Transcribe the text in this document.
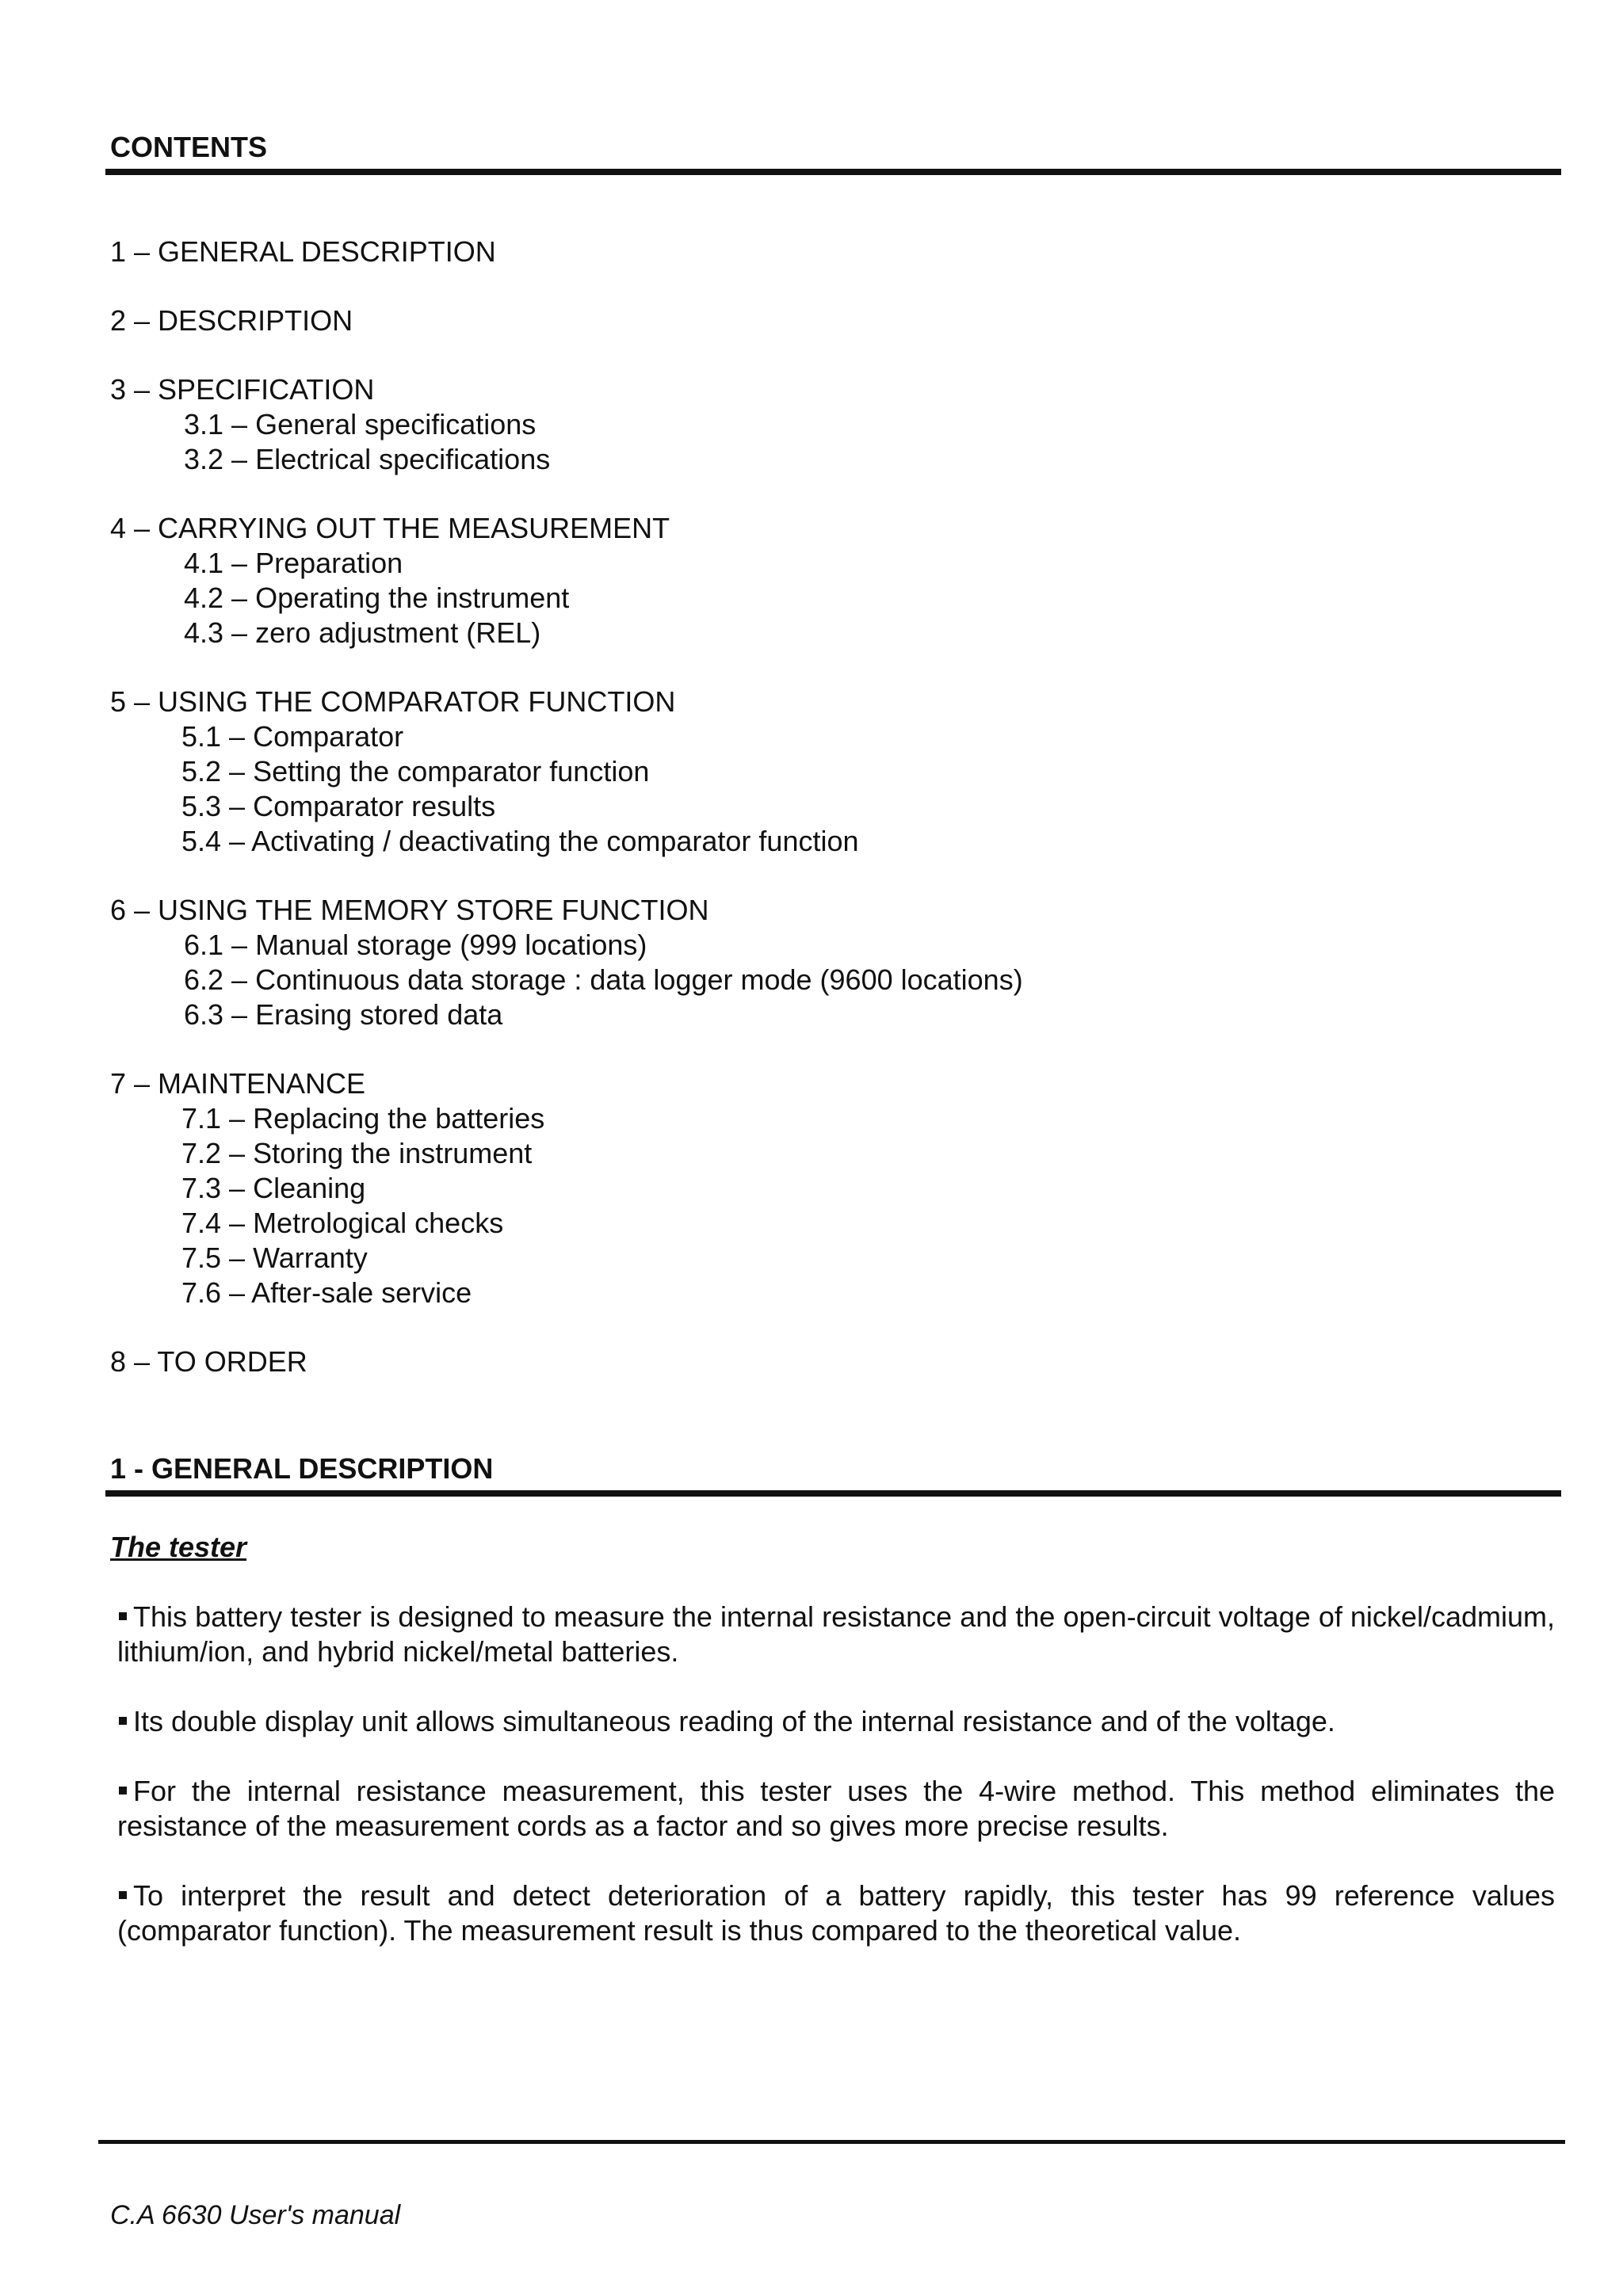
CONTENTS
1 – GENERAL DESCRIPTION
2 – DESCRIPTION
3 – SPECIFICATION
3.1 – General specifications
3.2 – Electrical specifications
4 – CARRYING OUT THE MEASUREMENT
4.1 – Preparation
4.2 – Operating the instrument
4.3 – zero adjustment (REL)
5 – USING THE COMPARATOR FUNCTION
5.1 – Comparator
5.2 – Setting the comparator function
5.3 – Comparator results
5.4 – Activating / deactivating the comparator function
6 – USING THE MEMORY STORE FUNCTION
6.1 – Manual storage (999 locations)
6.2 – Continuous data storage : data logger mode (9600 locations)
6.3 – Erasing stored data
7 – MAINTENANCE
7.1 – Replacing the batteries
7.2 – Storing the instrument
7.3 – Cleaning
7.4 – Metrological checks
7.5 – Warranty
7.6 – After-sale service
8 – TO ORDER
1 - GENERAL DESCRIPTION
The tester

This battery tester is designed to measure the internal resistance and the open-circuit voltage of nickel/cadmium, lithium/ion, and hybrid nickel/metal batteries.

Its double display unit allows simultaneous reading of the internal resistance and of the voltage.

For the internal resistance measurement, this tester uses the 4-wire method. This method eliminates the resistance of the measurement cords as a factor and so gives more precise results.

To interpret the result and detect deterioration of a battery rapidly, this tester has 99 reference values (comparator function). The measurement result is thus compared to the theoretical value.

C.A 6630 User's manual
